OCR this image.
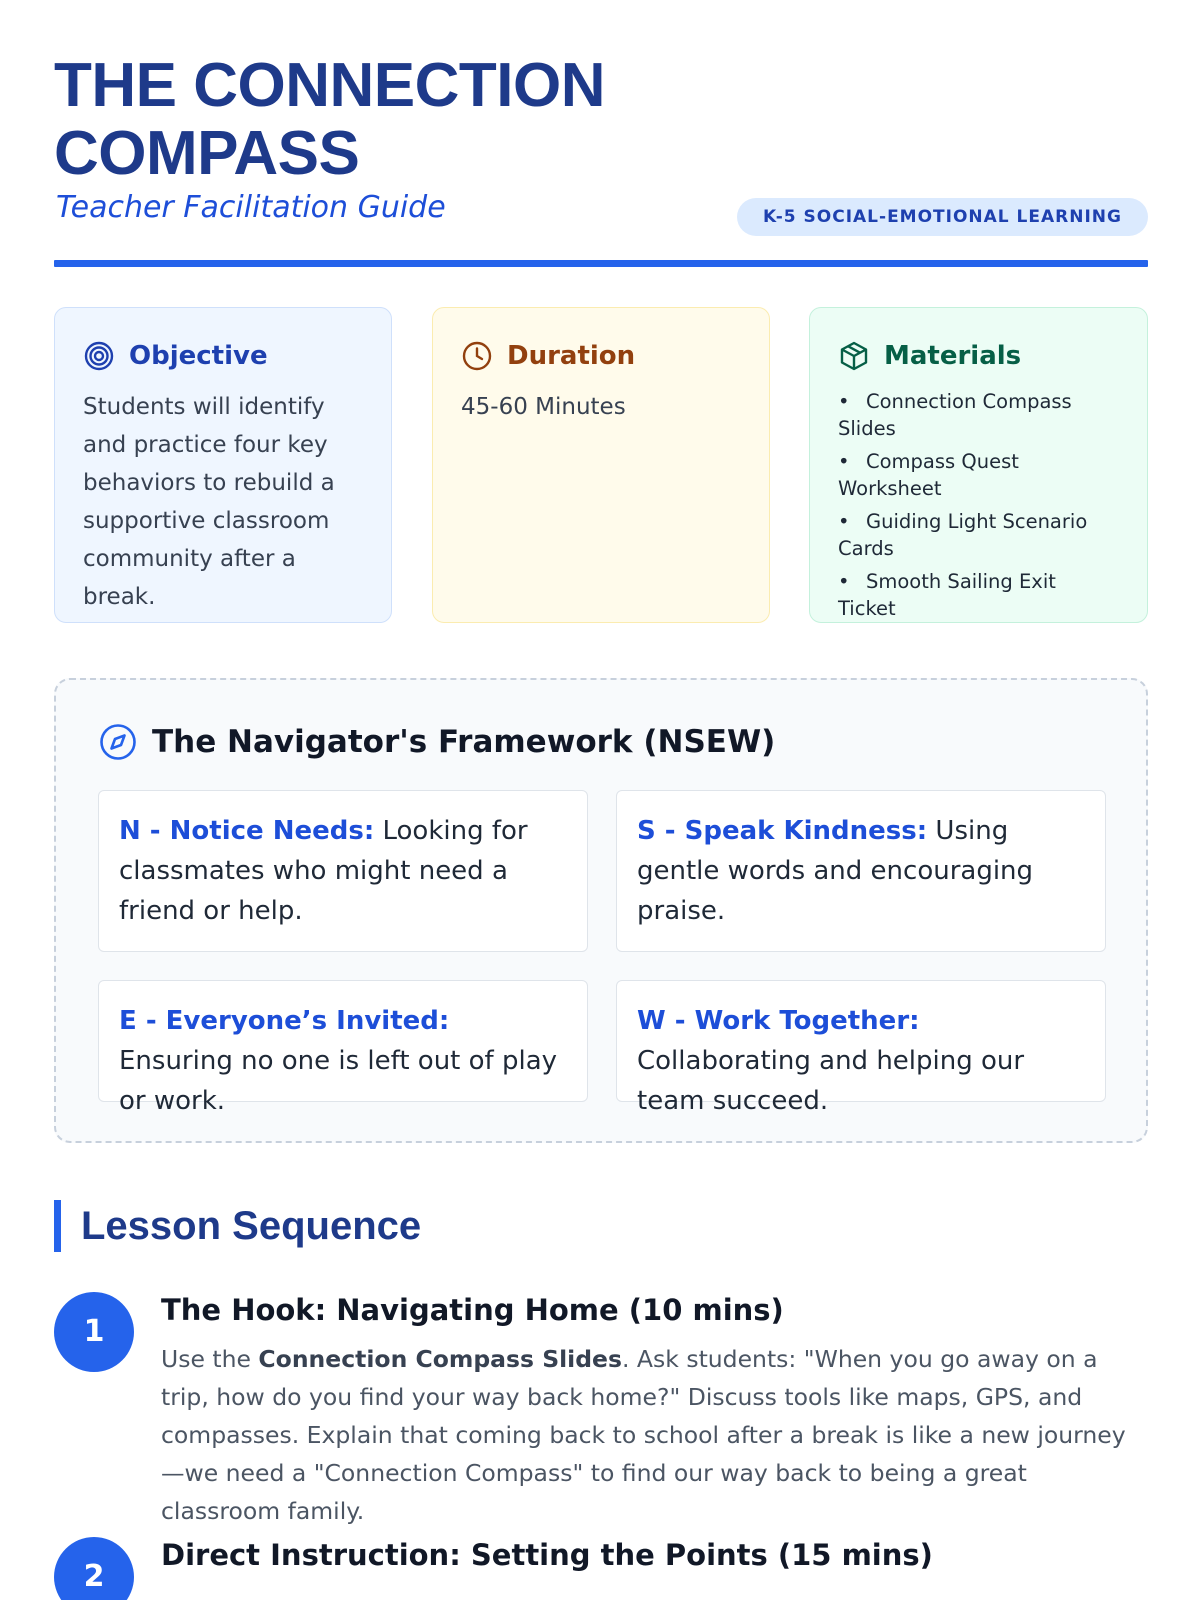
THE CONNECTION
COMPASS
Teacher Facilitation Guide	K-5 SOCIAL-EMOTIONAL LEARNING
Objective
Students will identify and practice four key behaviors to rebuild a supportive classroom community after a break.
Duration
45-60 Minutes
Materials
• Connection Compass Slides
• Compass Quest Worksheet
• Guiding Light Scenario Cards
• Smooth Sailing Exit Ticket
The Navigator's Framework (NSEW)
N - Notice Needs: Looking for classmates who might need a friend or help.
S - Speak Kindness: Using gentle words and encouraging praise.
E - Everyone’s Invited: Ensuring no one is left out of play or work.
W - Work Together: Collaborating and helping our team succeed.
Lesson Sequence
1
The Hook: Navigating Home (10 mins)
Use the Connection Compass Slides. Ask students: "When you go away on a trip, how do you find your way back home?" Discuss tools like maps, GPS, and compasses. Explain that coming back to school after a break is like a new journey—we need a "Connection Compass" to find our way back to being a great classroom family.
2
Direct Instruction: Setting the Points (15 mins)
